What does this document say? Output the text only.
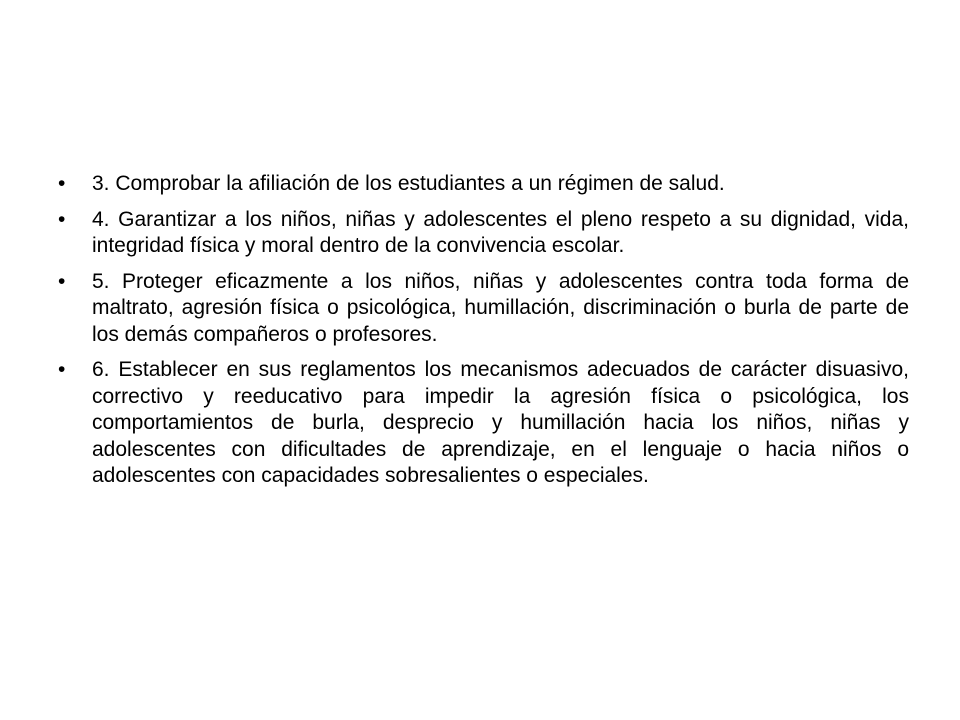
•	3. Comprobar la afiliación de los estudiantes a un régimen de salud.
•	4. Garantizar a los niños, niñas y adolescentes el pleno respeto a su dignidad, vida, integridad física y moral dentro de la convivencia escolar.
•	5. Proteger eficazmente a los niños, niñas y adolescentes contra toda forma de maltrato, agresión física o psicológica, humillación, discriminación o burla de parte de los demás compañeros o profesores.
•	6. Establecer en sus reglamentos los mecanismos adecuados de carácter disuasivo, correctivo y reeducativo para impedir la agresión física o psicológica, los comportamientos de burla, desprecio y humillación hacia los niños, niñas y adolescentes con dificultades de aprendizaje, en el lenguaje o hacia niños o adolescentes con capacidades sobresalientes o especiales.
